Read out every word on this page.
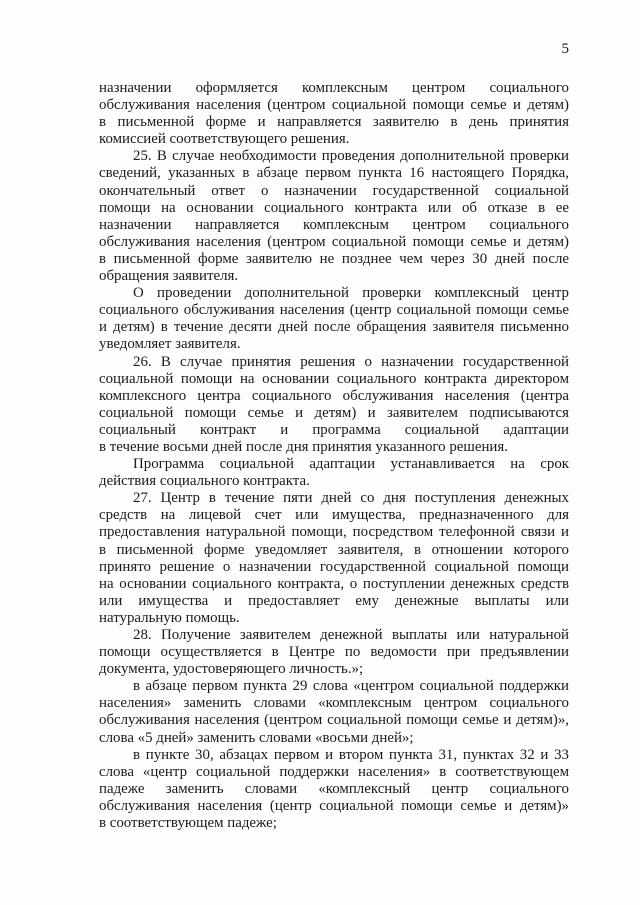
5
назначении оформляется комплексным центром социального
обслуживания населения (центром социальной помощи семье и детям)
в письменной форме и направляется заявителю в день принятия
комиссией соответствующего решения.
25. В случае необходимости проведения дополнительной проверки
сведений, указанных в абзаце первом пункта 16 настоящего Порядка,
окончательный ответ о назначении государственной социальной
помощи на основании социального контракта или об отказе в ее
назначении направляется комплексным центром социального
обслуживания населения (центром социальной помощи семье и детям)
в письменной форме заявителю не позднее чем через 30 дней после
обращения заявителя.
О проведении дополнительной проверки комплексный центр
социального обслуживания населения (центр социальной помощи семье
и детям) в течение десяти дней после обращения заявителя письменно
уведомляет заявителя.
26. В случае принятия решения о назначении государственной
социальной помощи на основании социального контракта директором
комплексного центра социального обслуживания населения (центра
социальной помощи семье и детям) и заявителем подписываются
социальный контракт и программа социальной адаптации
в течение восьми дней после дня принятия указанного решения.
Программа социальной адаптации устанавливается на срок
действия социального контракта.
27. Центр в течение пяти дней со дня поступления денежных
средств на лицевой счет или имущества, предназначенного для
предоставления натуральной помощи, посредством телефонной связи и
в письменной форме уведомляет заявителя, в отношении которого
принято решение о назначении государственной социальной помощи
на основании социального контракта, о поступлении денежных средств
или имущества и предоставляет ему денежные выплаты или
натуральную помощь.
28. Получение заявителем денежной выплаты или натуральной
помощи осуществляется в Центре по ведомости при предъявлении
документа, удостоверяющего личность.»;
в абзаце первом пункта 29 слова «центром социальной поддержки
населения» заменить словами «комплексным центром социального
обслуживания населения (центром социальной помощи семье и детям)»,
слова «5 дней» заменить словами «восьми дней»;
в пункте 30, абзацах первом и втором пункта 31, пунктах 32 и 33
слова «центр социальной поддержки населения» в соответствующем
падеже заменить словами «комплексный центр социального
обслуживания населения (центр социальной помощи семье и детям)»
в соответствующем падеже;
